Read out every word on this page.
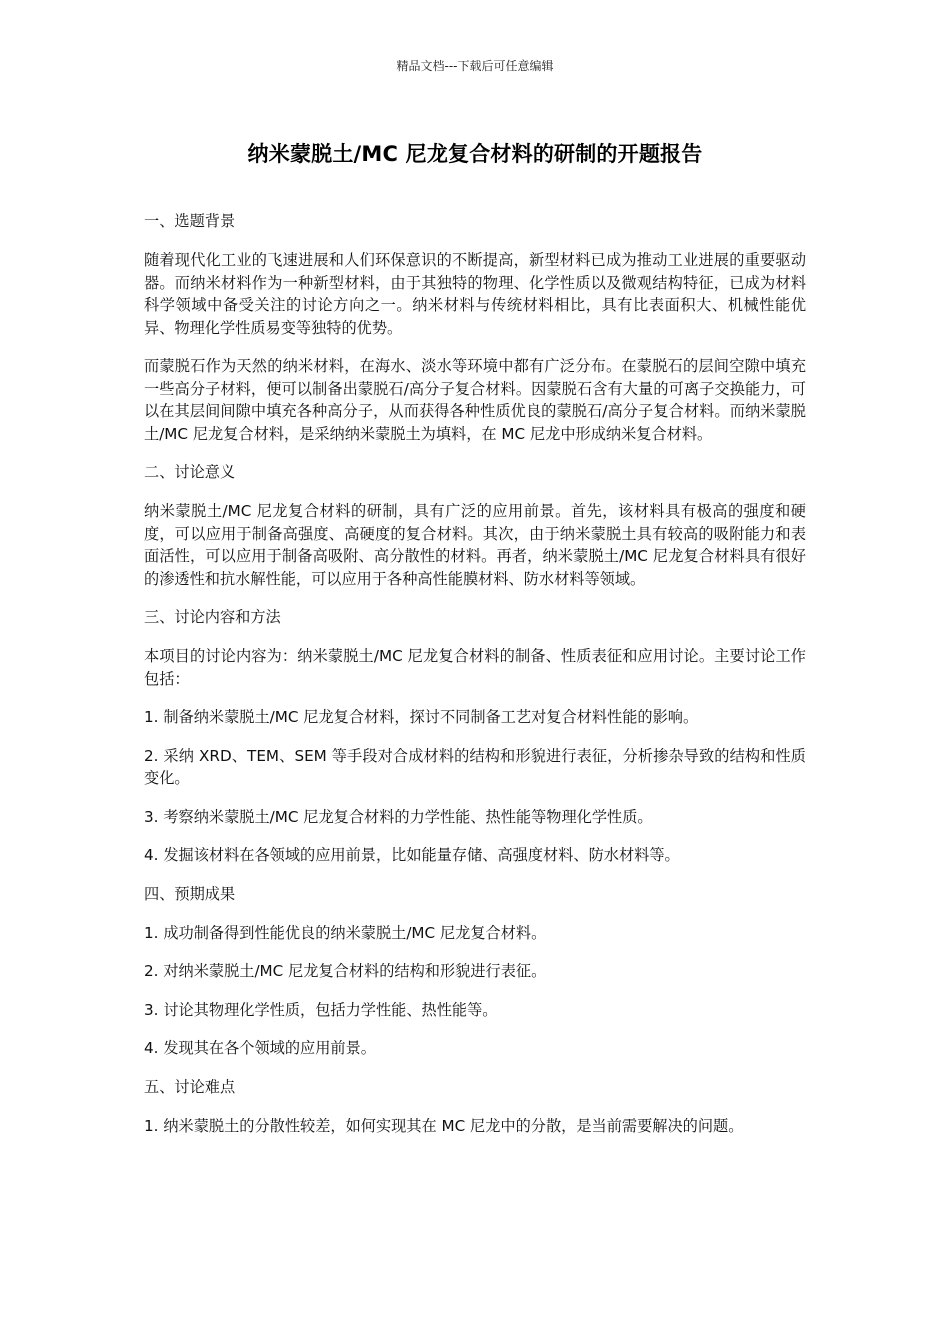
精品文档---下载后可任意编辑
纳米蒙脱土/MC 尼龙复合材料的研制的开题报告
一、选题背景
随着现代化工业的飞速进展和人们环保意识的不断提高，新型材料已成为推动工业进展的重要驱动器。而纳米材料作为一种新型材料，由于其独特的物理、化学性质以及微观结构特征，已成为材料科学领域中备受关注的讨论方向之一。纳米材料与传统材料相比，具有比表面积大、机械性能优异、物理化学性质易变等独特的优势。
而蒙脱石作为天然的纳米材料，在海水、淡水等环境中都有广泛分布。在蒙脱石的层间空隙中填充一些高分子材料，便可以制备出蒙脱石/高分子复合材料。因蒙脱石含有大量的可离子交换能力，可以在其层间间隙中填充各种高分子，从而获得各种性质优良的蒙脱石/高分子复合材料。而纳米蒙脱土/MC 尼龙复合材料，是采纳纳米蒙脱土为填料，在 MC 尼龙中形成纳米复合材料。
二、讨论意义
纳米蒙脱土/MC 尼龙复合材料的研制，具有广泛的应用前景。首先，该材料具有极高的强度和硬度，可以应用于制备高强度、高硬度的复合材料。其次，由于纳米蒙脱土具有较高的吸附能力和表面活性，可以应用于制备高吸附、高分散性的材料。再者，纳米蒙脱土/MC 尼龙复合材料具有很好的渗透性和抗水解性能，可以应用于各种高性能膜材料、防水材料等领域。
三、讨论内容和方法
本项目的讨论内容为：纳米蒙脱土/MC 尼龙复合材料的制备、性质表征和应用讨论。主要讨论工作包括：
1. 制备纳米蒙脱土/MC 尼龙复合材料，探讨不同制备工艺对复合材料性能的影响。
2. 采纳 XRD、TEM、SEM 等手段对合成材料的结构和形貌进行表征，分析掺杂导致的结构和性质变化。
3. 考察纳米蒙脱土/MC 尼龙复合材料的力学性能、热性能等物理化学性质。
4. 发掘该材料在各领域的应用前景，比如能量存储、高强度材料、防水材料等。
四、预期成果
1. 成功制备得到性能优良的纳米蒙脱土/MC 尼龙复合材料。
2. 对纳米蒙脱土/MC 尼龙复合材料的结构和形貌进行表征。
3. 讨论其物理化学性质，包括力学性能、热性能等。
4. 发现其在各个领域的应用前景。
五、讨论难点
1. 纳米蒙脱土的分散性较差，如何实现其在 MC 尼龙中的分散，是当前需要解决的问题。
